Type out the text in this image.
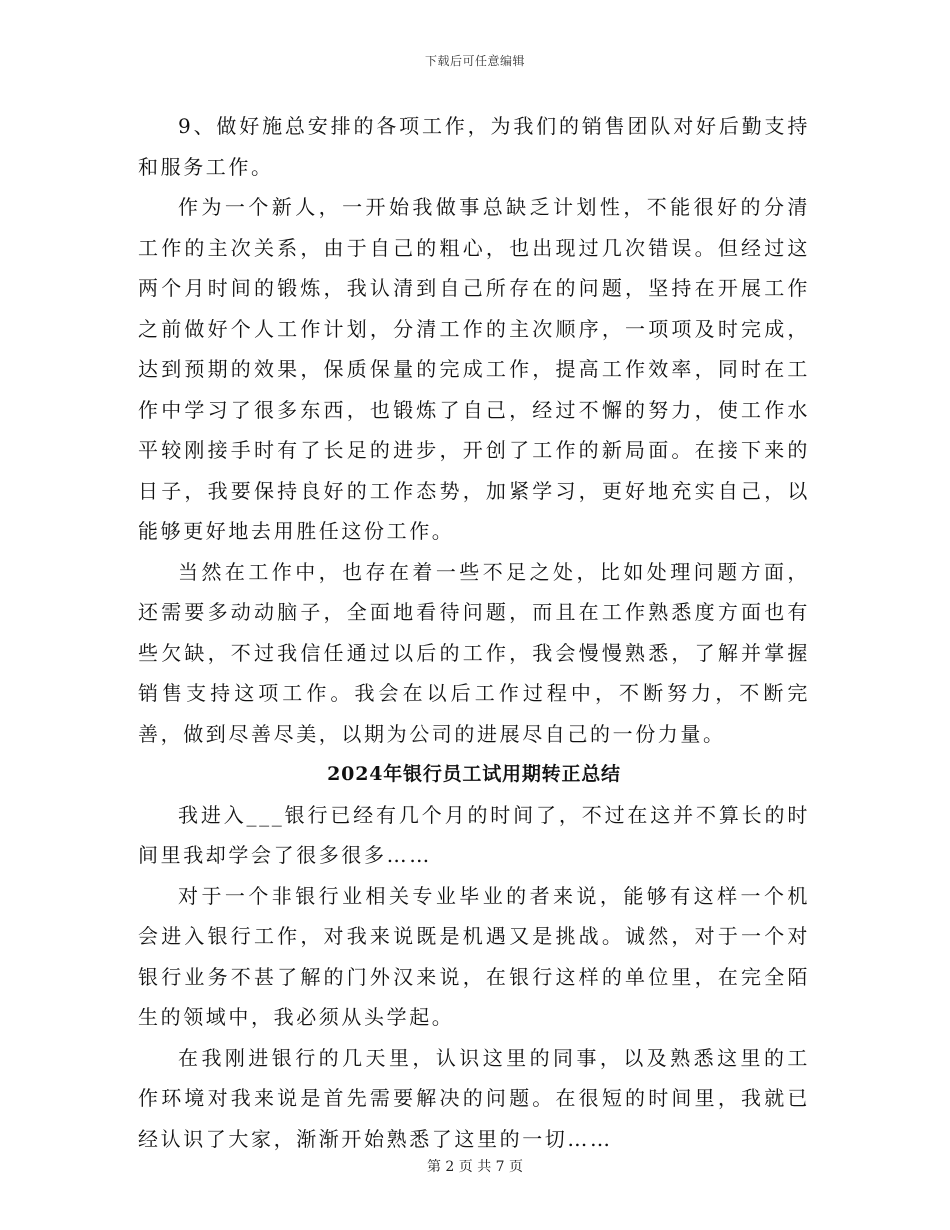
下载后可任意编辑

9、做好施总安排的各项工作，为我们的销售团队对好后勤支持和服务工作。

作为一个新人，一开始我做事总缺乏计划性，不能很好的分清工作的主次关系，由于自己的粗心，也出现过几次错误。但经过这两个月时间的锻炼，我认清到自己所存在的问题，坚持在开展工作之前做好个人工作计划，分清工作的主次顺序，一项项及时完成，达到预期的效果，保质保量的完成工作，提高工作效率，同时在工作中学习了很多东西，也锻炼了自己，经过不懈的努力，使工作水平较刚接手时有了长足的进步，开创了工作的新局面。在接下来的日子，我要保持良好的工作态势，加紧学习，更好地充实自己，以能够更好地去用胜任这份工作。

当然在工作中，也存在着一些不足之处，比如处理问题方面，还需要多动动脑子，全面地看待问题，而且在工作熟悉度方面也有些欠缺，不过我信任通过以后的工作，我会慢慢熟悉，了解并掌握销售支持这项工作。我会在以后工作过程中，不断努力，不断完善，做到尽善尽美，以期为公司的进展尽自己的一份力量。

2024年银行员工试用期转正总结

我进入___银行已经有几个月的时间了，不过在这并不算长的时间里我却学会了很多很多……

对于一个非银行业相关专业毕业的者来说，能够有这样一个机会进入银行工作，对我来说既是机遇又是挑战。诚然，对于一个对银行业务不甚了解的门外汉来说，在银行这样的单位里，在完全陌生的领域中，我必须从头学起。

在我刚进银行的几天里，认识这里的同事，以及熟悉这里的工作环境对我来说是首先需要解决的问题。在很短的时间里，我就已经认识了大家，渐渐开始熟悉了这里的一切……

第 2 页 共 7 页
